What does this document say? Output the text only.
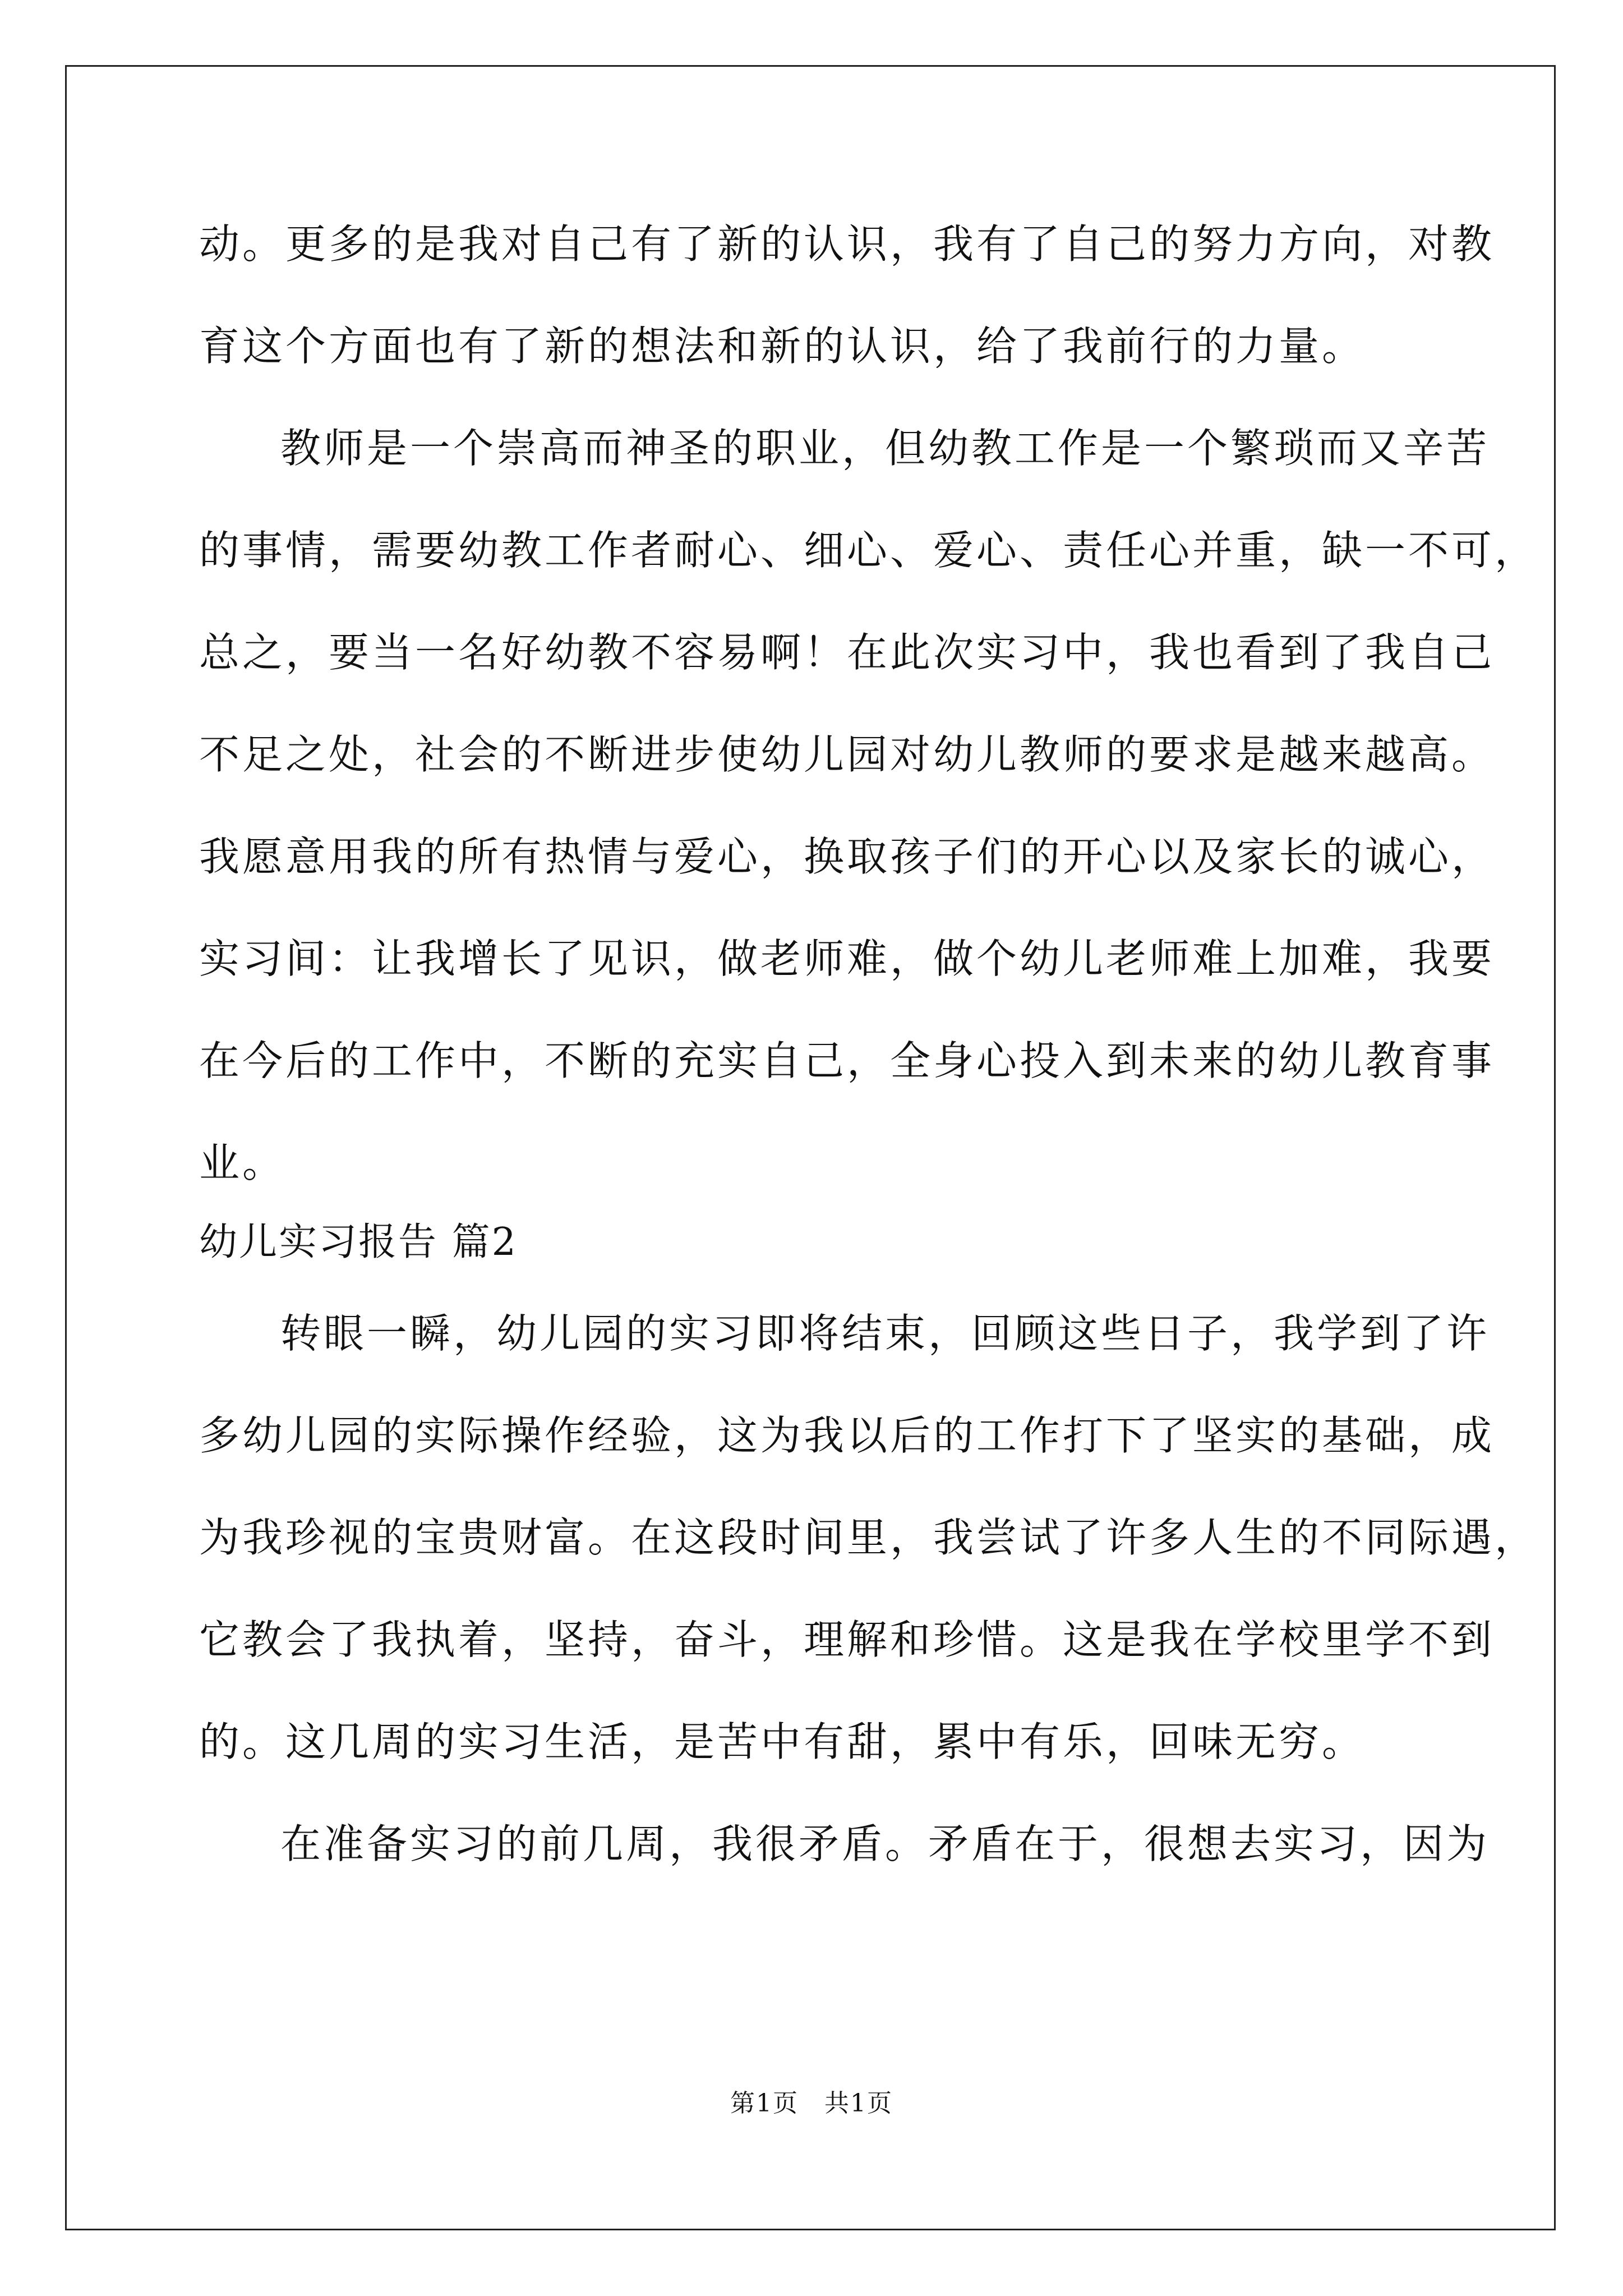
动。更多的是我对自己有了新的认识，我有了自己的努力方向，对教
育这个方面也有了新的想法和新的认识，给了我前行的力量。
教师是一个崇高而神圣的职业，但幼教工作是一个繁琐而又辛苦
的事情，需要幼教工作者耐心、细心、爱心、责任心并重，缺一不可，
总之，要当一名好幼教不容易啊！在此次实习中，我也看到了我自己
不足之处，社会的不断进步使幼儿园对幼儿教师的要求是越来越高。
我愿意用我的所有热情与爱心，换取孩子们的开心以及家长的诚心，
实习间：让我增长了见识，做老师难，做个幼儿老师难上加难，我要
在今后的工作中，不断的充实自己，全身心投入到未来的幼儿教育事
业。
幼儿实习报告 篇2
转眼一瞬，幼儿园的实习即将结束，回顾这些日子，我学到了许
多幼儿园的实际操作经验，这为我以后的工作打下了坚实的基础，成
为我珍视的宝贵财富。在这段时间里，我尝试了许多人生的不同际遇，
它教会了我执着，坚持，奋斗，理解和珍惜。这是我在学校里学不到
的。这几周的实习生活，是苦中有甜，累中有乐，回味无穷。
在准备实习的前几周，我很矛盾。矛盾在于，很想去实习，因为
第1页　共1页
